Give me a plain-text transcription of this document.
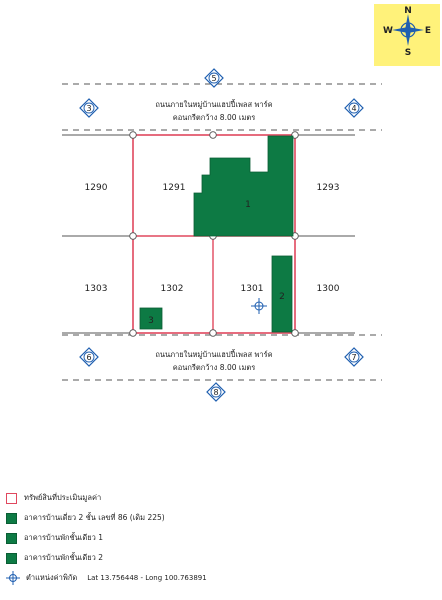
N
S
W	E
1
2
3
1290	1291	1293
1303	1302	1301	1300
ถนนภายในหมู่บ้านแฮปปี้เพลส พาร์ค
คอนกรีตกว้าง 8.00 เมตร
ถนนภายในหมู่บ้านแฮปปี้เพลส พาร์ค
คอนกรีตกว้าง 8.00 เมตร
3	4
5
6	7
8
ทรัพย์สินที่ประเมินมูลค่า
อาคารบ้านเดี่ยว 2 ชั้น เลขที่ 86 (เดิม 225)
อาคารบ้านพักชั้นเดียว 1
อาคารบ้านพักชั้นเดียว 2
ตำแหน่งค่าพิกัด Lat 13.756448 - Long 100.763891
